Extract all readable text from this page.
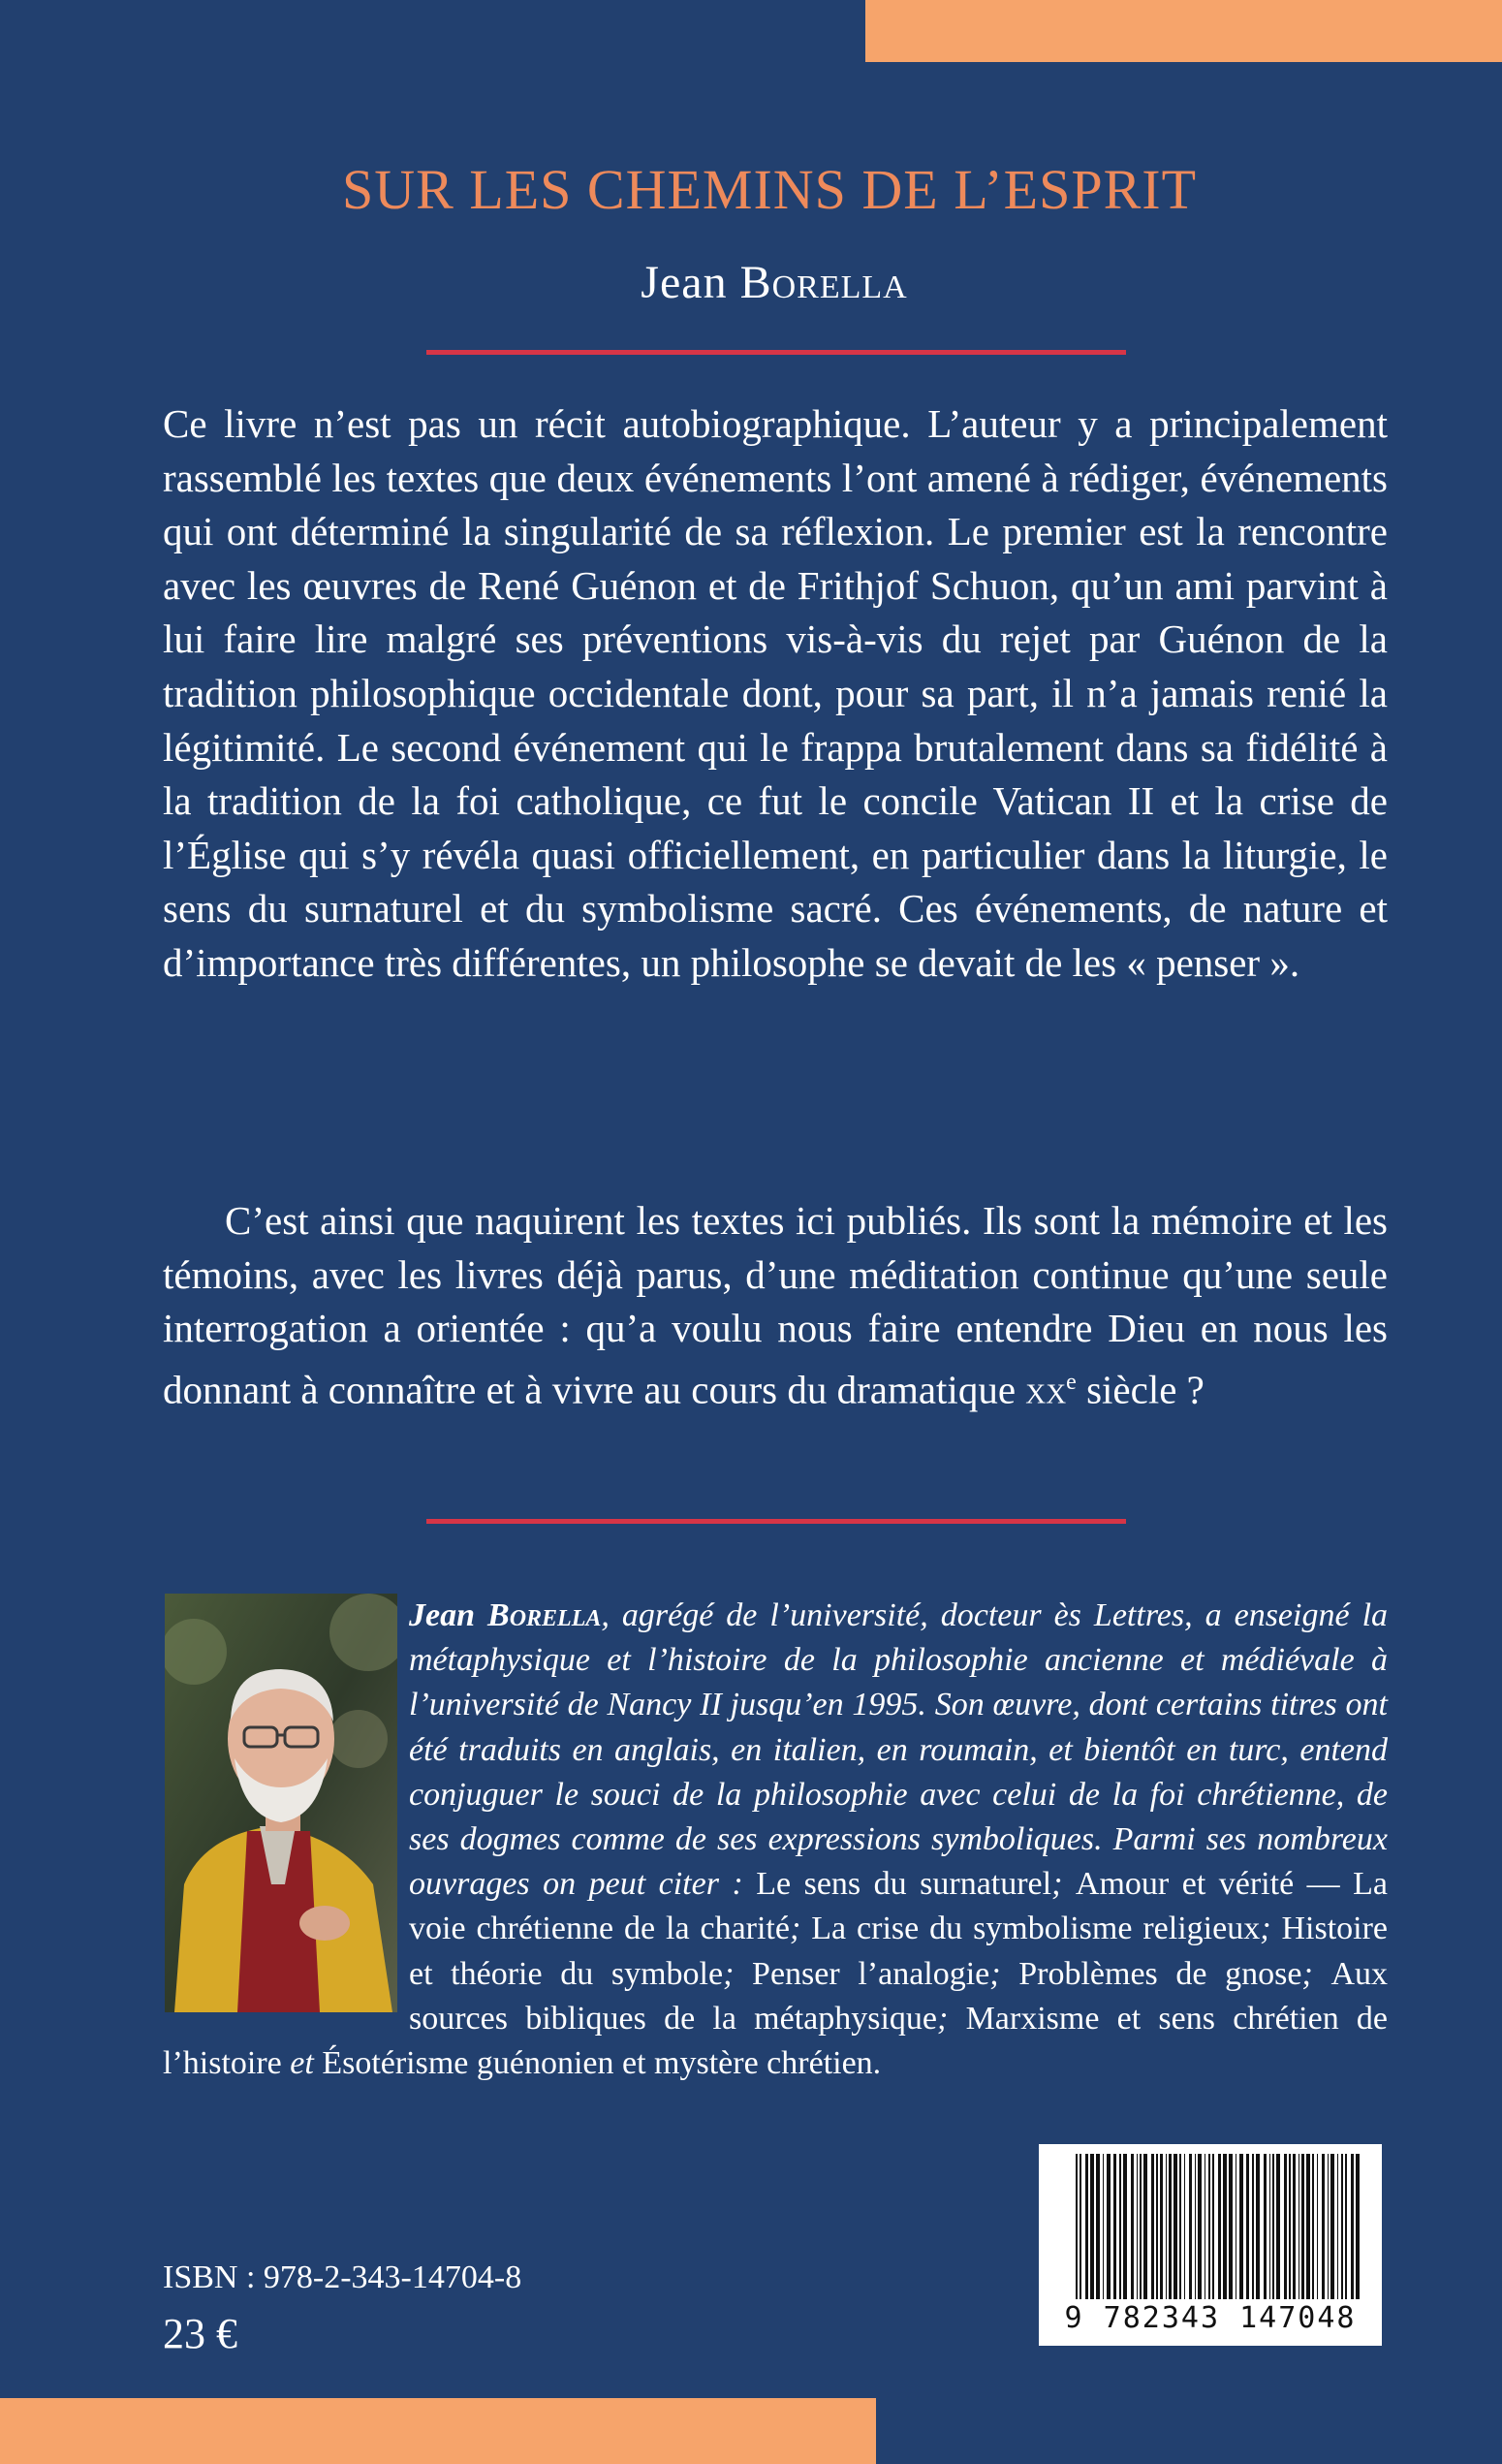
SUR LES CHEMINS DE L’ESPRIT
Jean Borella

Ce livre n’est pas un récit autobiographique. L’auteur y a principalement rassemblé les textes que deux événements l’ont amené à rédiger, événements qui ont déterminé la singularité de sa réflexion. Le premier est la rencontre avec les œuvres de René Guénon et de Frithjof Schuon, qu’un ami parvint à lui faire lire malgré ses préventions vis-à-vis du rejet par Guénon de la tradition philosophique occidentale dont, pour sa part, il n’a jamais renié la légitimité. Le second événement qui le frappa brutalement dans sa fidélité à la tradition de la foi catholique, ce fut le concile Vatican II et la crise de l’Église qui s’y révéla quasi officiellement, en particulier dans la liturgie, le sens du surnaturel et du symbolisme sacré. Ces événements, de nature et d’importance très différentes, un philosophe se devait de les « penser ».

C’est ainsi que naquirent les textes ici publiés. Ils sont la mémoire et les témoins, avec les livres déjà parus, d’une méditation continue qu’une seule interrogation a orientée : qu’a voulu nous faire entendre Dieu en nous les donnant à connaître et à vivre au cours du dramatique $xx^e$ siècle ?

Jean Borella, agrégé de l’université, docteur ès Lettres, a enseigné la métaphysique et l’histoire de la philosophie ancienne et médiévale à l’université de Nancy II jusqu’en 1995. Son œuvre, dont certains titres ont été traduits en anglais, en italien, en roumain, et bientôt en turc, entend conjuguer le souci de la philosophie avec celui de la foi chrétienne, de ses dogmes comme de ses expressions symboliques. Parmi ses nombreux ouvrages on peut citer : Le sens du surnaturel; Amour et vérité — La voie chrétienne de la charité; La crise du symbolisme religieux; Histoire et théorie du symbole; Penser l’analogie; Problèmes de gnose; Aux sources bibliques de la métaphysique; Marxisme et sens chrétien de l’histoire et Ésotérisme guénonien et mystère chrétien.

9 782343 147048
ISBN : 978-2-343-14704-8
23 €
